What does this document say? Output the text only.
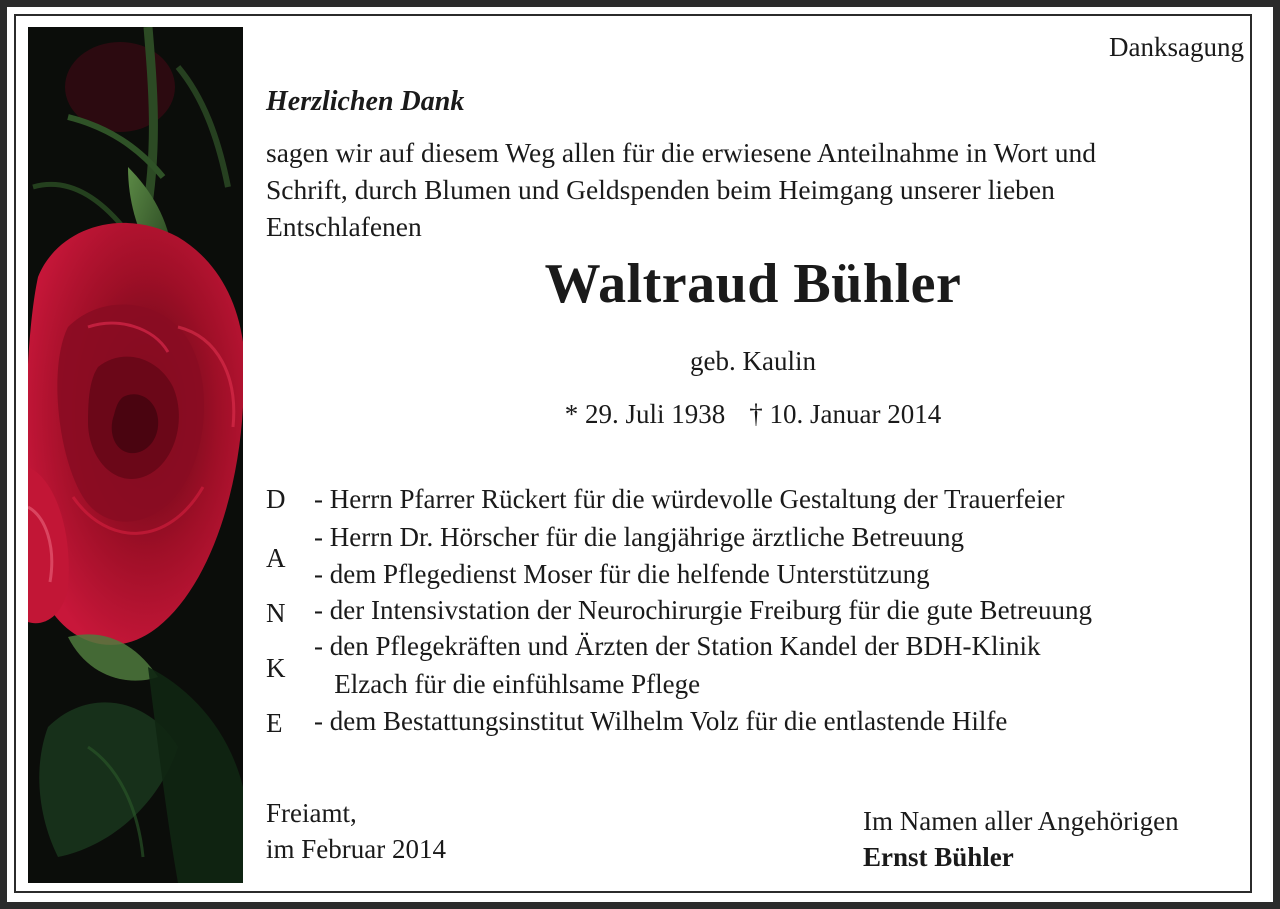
Danksagung
Herzlichen Dank
sagen wir auf diesem Weg allen für die erwiesene Anteilnahme in Wort und
Schrift, durch Blumen und Geldspenden beim Heimgang unserer lieben
Entschlafenen
Waltraud Bühler
geb. Kaulin
* 29. Juli 1938 † 10. Januar 2014
D
A
N
K
E
- Herrn Pfarrer Rückert für die würdevolle Gestaltung der Trauerfeier
- Herrn Dr. Hörscher für die langjährige ärztliche Betreuung
- dem Pflegedienst Moser für die helfende Unterstützung
- der Intensivstation der Neurochirurgie Freiburg für die gute Betreuung
- den Pflegekräften und Ärzten der Station Kandel der BDH-Klinik
Elzach für die einfühlsame Pflege
- dem Bestattungsinstitut Wilhelm Volz für die entlastende Hilfe
Freiamt,
im Februar 2014
Im Namen aller Angehörigen
Ernst Bühler
